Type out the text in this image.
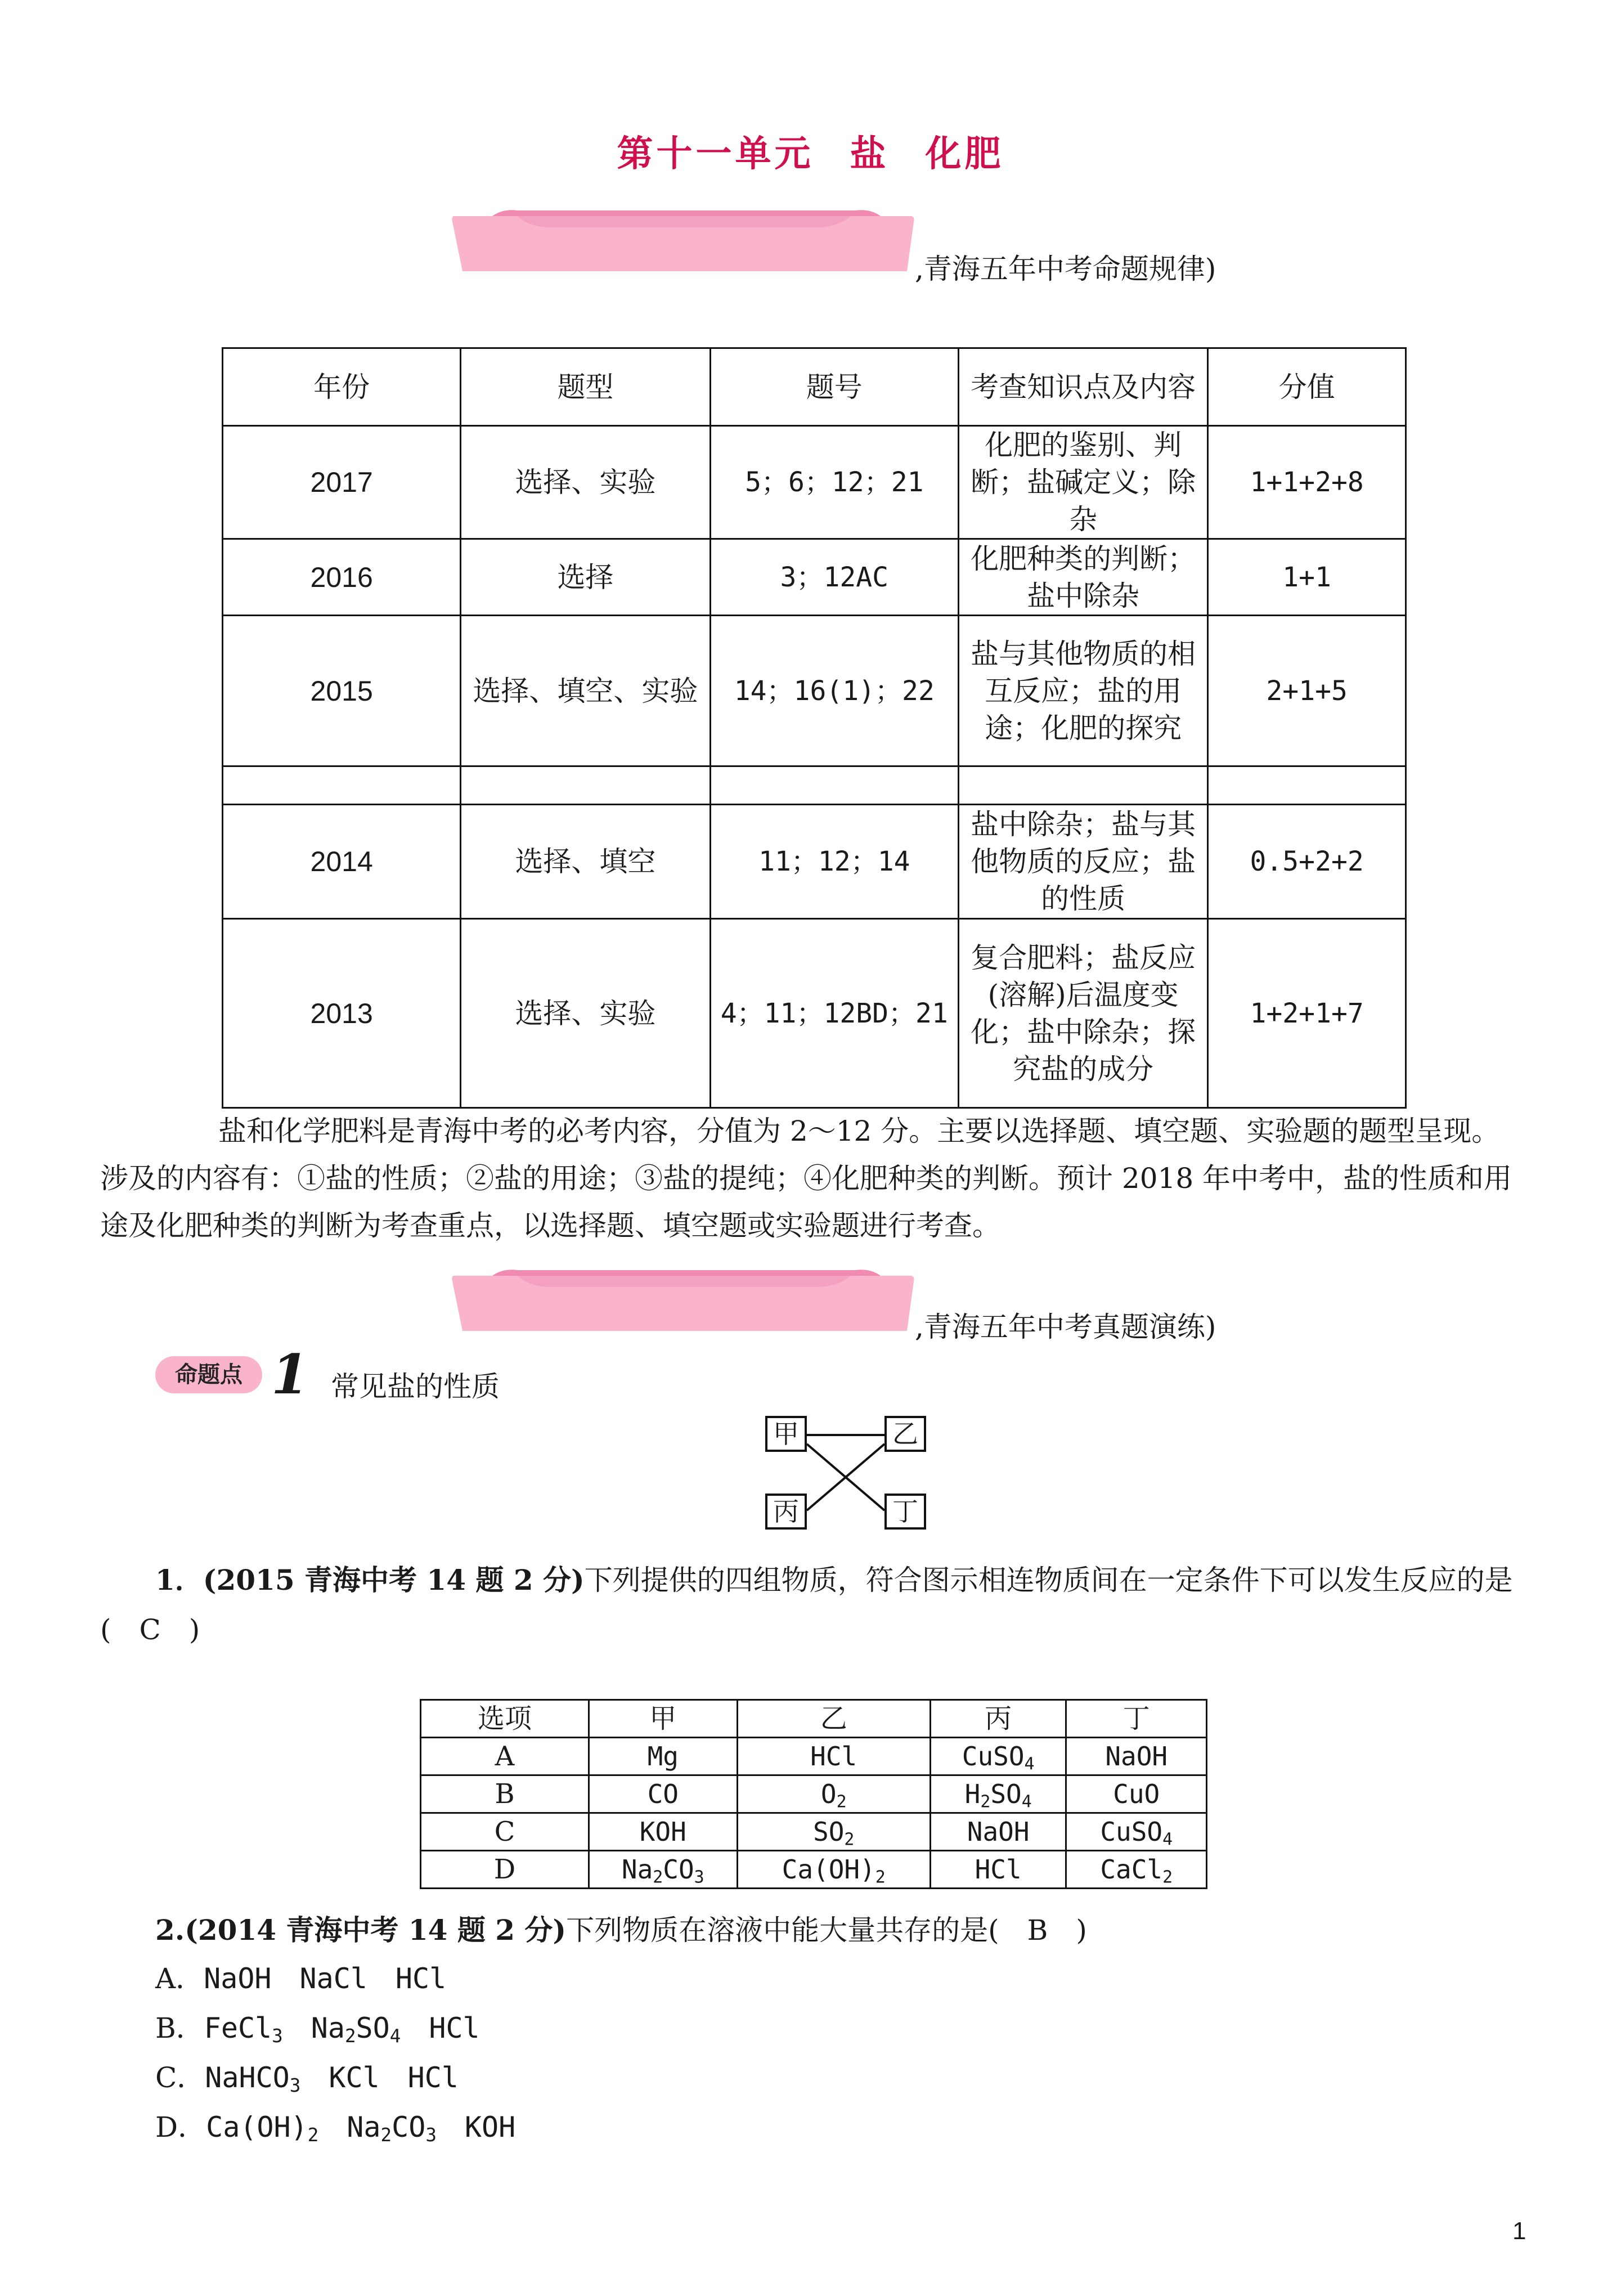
第十一单元 盐 化肥
,青海五年中考命题规律)
年份	题型	题号	考查知识点及内容	分值
2017	选择、实验	5；6；12；21	化肥的鉴别、判断；盐碱定义；除杂	1+1+2+8
2016	选择	3；12AC	化肥种类的判断；盐中除杂	1+1
2015	选择、填空、实验	14；16(1)；22	盐与其他物质的相互反应；盐的用途；化肥的探究	2+1+5

2014	选择、填空	11；12；14	盐中除杂；盐与其他物质的反应；盐的性质	0.5+2+2
2013	选择、实验	4；11；12BD；21	复合肥料；盐反应(溶解)后温度变化；盐中除杂；探究盐的成分	1+2+1+7
盐和化学肥料是青海中考的必考内容，分值为 2～12 分。主要以选择题、填空题、实验题的题型呈现。
涉及的内容有：①盐的性质；②盐的用途；③盐的提纯；④化肥种类的判断。预计 2018 年中考中，盐的性质和用
途及化肥种类的判断为考查重点，以选择题、填空题或实验题进行考查。
,青海五年中考真题演练)
命题点 1 常见盐的性质
甲	乙
丙	丁
1．(2015 青海中考 14 题 2 分)下列提供的四组物质，符合图示相连物质间在一定条件下可以发生反应的是
(　C　)
选项	甲	乙	丙	丁
A	Mg	HCl	CuSO$_4$	NaOH
B	CO	$O_2$	$H_2SO_4$	CuO
C	KOH	$SO_2$	NaOH	CuSO$_4$
D	$Na_2CO_3$	$Ca(OH)_2$	HCl	CaCl$_2$
2.(2014 青海中考 14 题 2 分)下列物质在溶液中能大量共存的是(　B　)
A．NaOH　NaCl　HCl
B．FeCl$_3$　$Na_2SO_4$　HCl
C．NaHCO$_3$　KCl　HCl
D．$Ca(OH)_2$　$Na_2CO_3$　KOH
1
